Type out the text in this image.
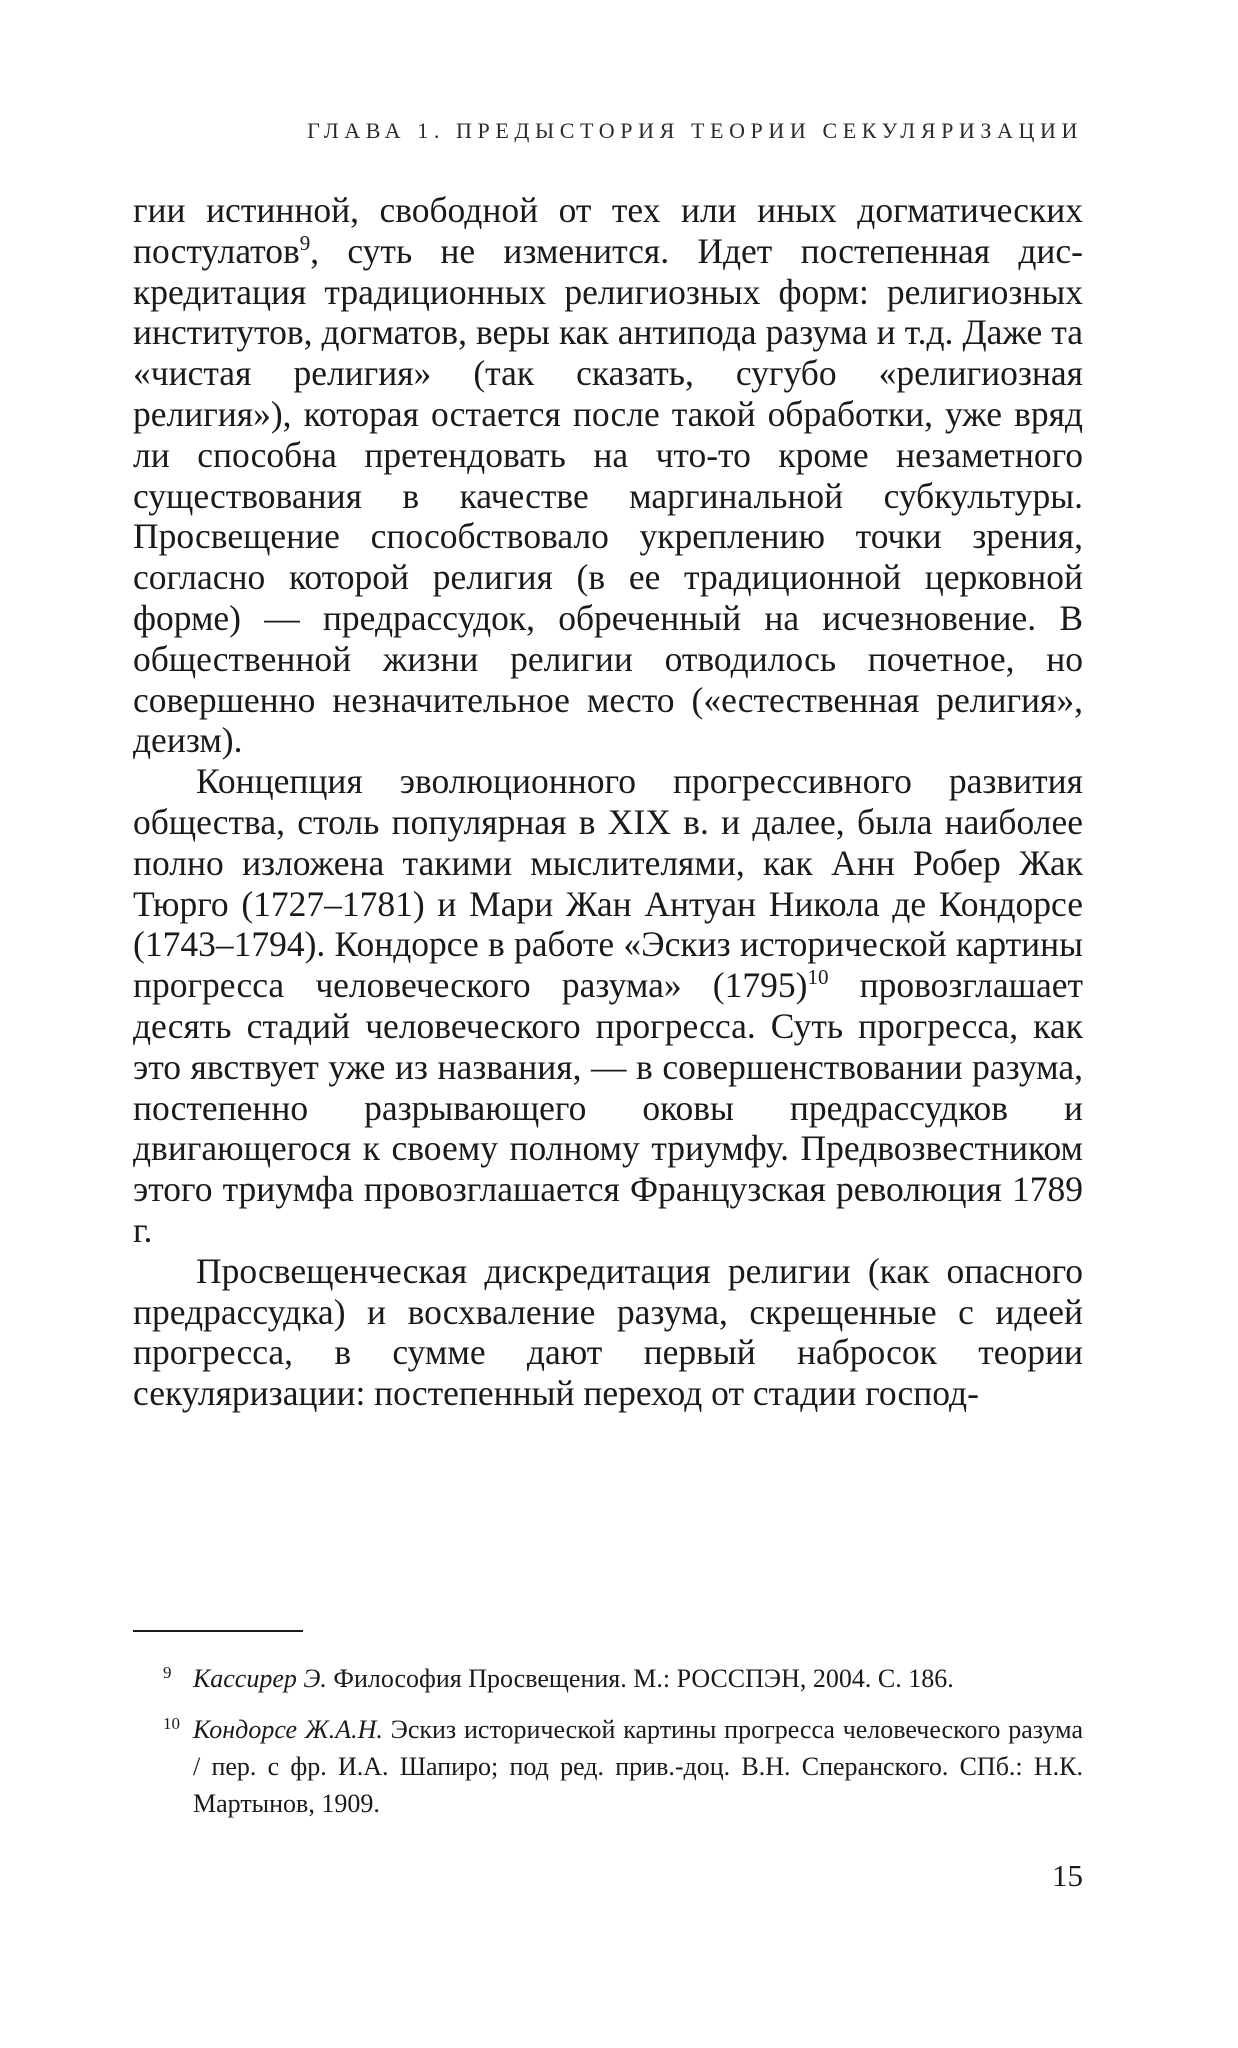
ГЛАВА 1. ПРЕДЫСТОРИЯ ТЕОРИИ СЕКУЛЯРИЗАЦИИ

гии истинной, свободной от тех или иных догматических постулатов$^9$, суть не изменится. Идет постепенная дискредитация традиционных религиозных форм: религиозных институтов, догматов, веры как антипода разума и т.д. Даже та «чистая религия» (так сказать, сугубо «религиозная религия»), которая остается после такой обработки, уже вряд ли способна претендовать на что-то кроме незаметного существования в качестве маргинальной субкультуры. Просвещение способствовало укреплению точки зрения, согласно которой религия (в ее традиционной церковной форме) — предрассудок, обреченный на исчезновение. В общественной жизни религии отводилось почетное, но совершенно незначительное место («естественная религия», деизм).

Концепция эволюционного прогрессивного развития общества, столь популярная в XIX в. и далее, была наиболее полно изложена такими мыслителями, как Анн Робер Жак Тюрго (1727–1781) и Мари Жан Антуан Никола де Кондорсе (1743–1794). Кондорсе в работе «Эскиз исторической картины прогресса человеческого разума» $(1795)^{10}$ провозглашает десять стадий человеческого прогресса. Суть прогресса, как это явствует уже из названия, — в совершенствовании разума, постепенно разрывающего оковы предрассудков и двигающегося к своему полному триумфу. Предвозвестником этого триумфа провозглашается Французская революция 1789 г.

Просвещенческая дискредитация религии (как опасного предрассудка) и восхваление разума, скрещенные с идеей прогресса, в сумме дают первый набросок теории секуляризации: постепенный переход от стадии господ-

9 Кассирер Э. Философия Просвещения. М.: РОССПЭН, 2004. С. 186.
10 Кондорсе Ж.А.Н. Эскиз исторической картины прогресса человеческого разума / пер. с фр. И.А. Шапиро; под ред. прив.-доц. В.Н. Сперанского. СПб.: Н.К. Мартынов, 1909.
15
